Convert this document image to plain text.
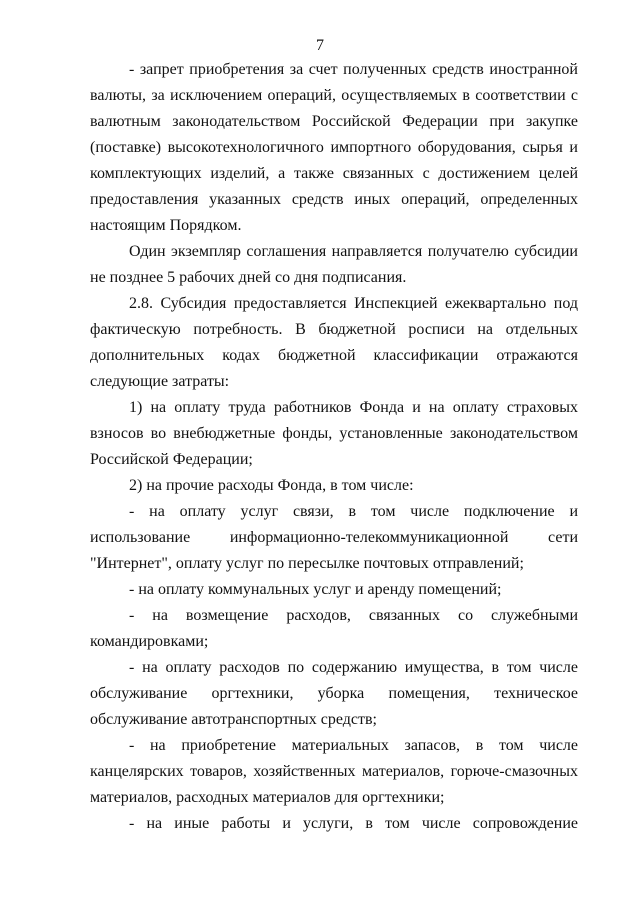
7

- запрет приобретения за счет полученных средств иностранной валюты, за исключением операций, осуществляемых в соответствии с валютным законодательством Российской Федерации при закупке (поставке) высокотехнологичного импортного оборудования, сырья и комплектующих изделий, а также связанных с достижением целей предоставления указанных средств иных операций, определенных настоящим Порядком.

Один экземпляр соглашения направляется получателю субсидии не позднее 5 рабочих дней со дня подписания.

2.8. Субсидия предоставляется Инспекцией ежеквартально под фактическую потребность. В бюджетной росписи на отдельных дополнительных кодах бюджетной классификации отражаются следующие затраты:

1) на оплату труда работников Фонда и на оплату страховых взносов во внебюджетные фонды, установленные законодательством Российской Федерации;

2) на прочие расходы Фонда, в том числе:

- на оплату услуг связи, в том числе подключение и использование информационно-телекоммуникационной сети "Интернет", оплату услуг по пересылке почтовых отправлений;

- на оплату коммунальных услуг и аренду помещений;

- на возмещение расходов, связанных со служебными командировками;

- на оплату расходов по содержанию имущества, в том числе обслуживание оргтехники, уборка помещения, техническое обслуживание автотранспортных средств;

- на приобретение материальных запасов, в том числе канцелярских товаров, хозяйственных материалов, горюче-смазочных материалов, расходных материалов для оргтехники;

- на иные работы и услуги, в том числе сопровождение
